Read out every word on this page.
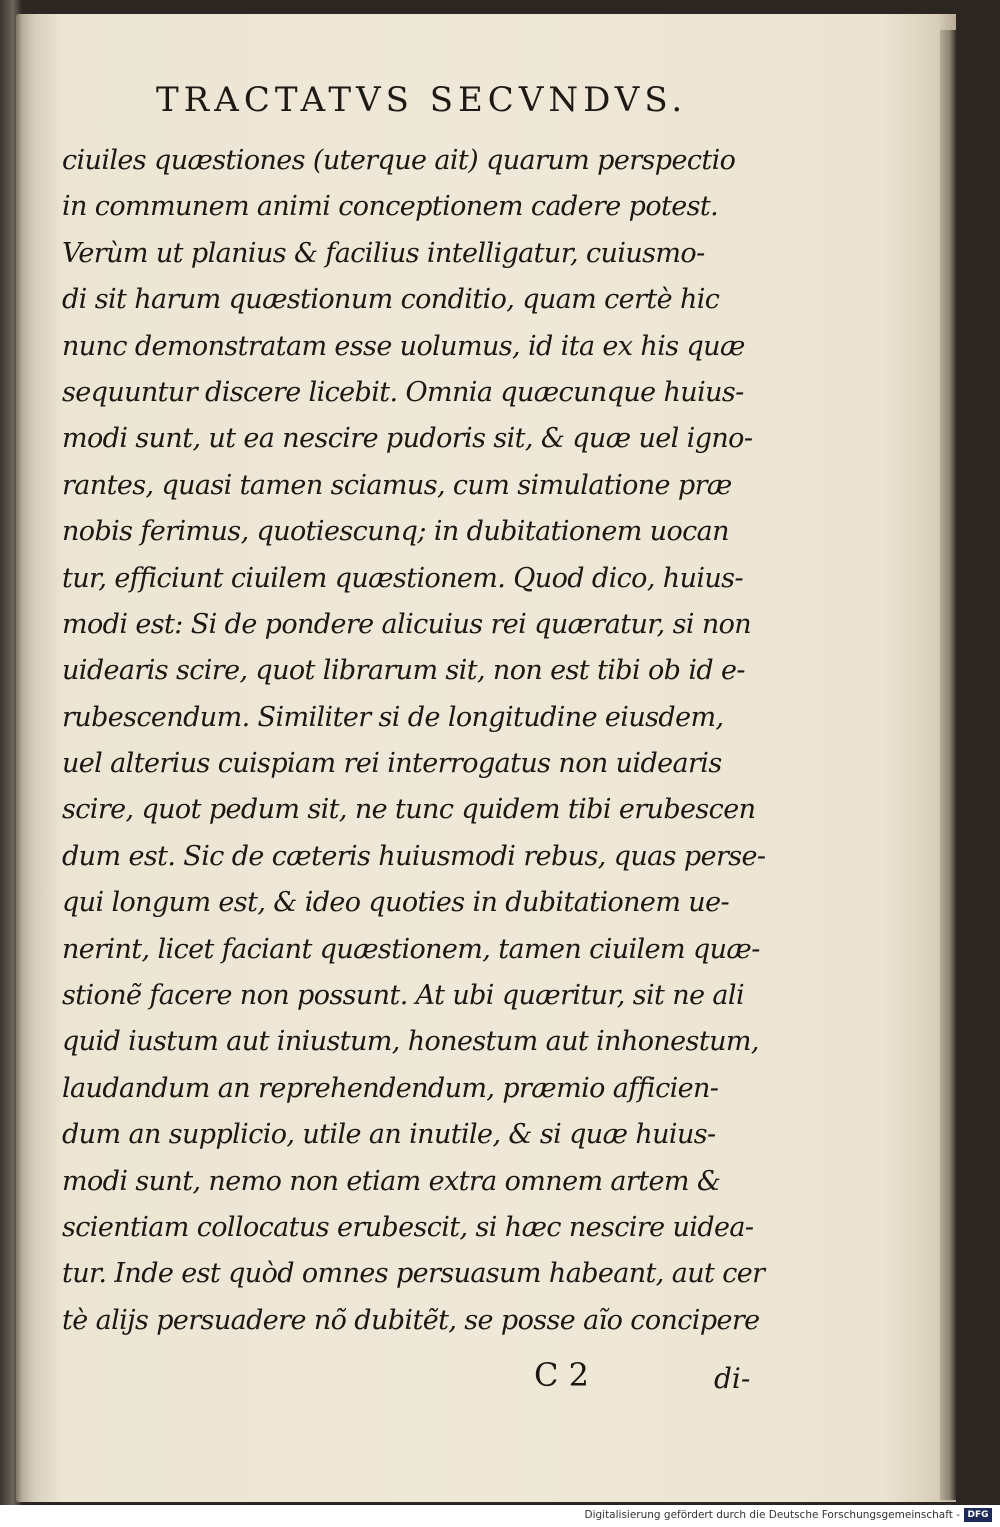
TRACTATVS SECVNDVS.
ciuiles quæstiones (uterque ait) quarum perspectio
in communem animi conceptionem cadere potest.
Verùm ut planius & facilius intelligatur, cuiusmo-
di sit harum quæstionum conditio, quam certè hic
nunc demonstratam esse uolumus, id ita ex his quæ
sequuntur discere licebit. Omnia quæcunque huius-
modi sunt, ut ea nescire pudoris sit, & quæ uel igno-
rantes, quasi tamen sciamus, cum simulatione præ
nobis ferimus, quotiescunq; in dubitationem uocan
tur, efficiunt ciuilem quæstionem. Quod dico, huius-
modi est: Si de pondere alicuius rei quæratur, si non
uidearis scire, quot librarum sit, non est tibi ob id e-
rubescendum. Similiter si de longitudine eiusdem,
uel alterius cuispiam rei interrogatus non uidearis
scire, quot pedum sit, ne tunc quidem tibi erubescen
dum est. Sic de cæteris huiusmodi rebus, quas perse-
qui longum est, & ideo quoties in dubitationem ue-
nerint, licet faciant quæstionem, tamen ciuilem quæ-
stionẽ facere non possunt. At ubi quæritur, sit ne ali
quid iustum aut iniustum, honestum aut inhonestum,
laudandum an reprehendendum, præmio afficien-
dum an supplicio, utile an inutile, & si quæ huius-
modi sunt, nemo non etiam extra omnem artem &
scientiam collocatus erubescit, si hæc nescire uidea-
tur. Inde est quòd omnes persuasum habeant, aut cer
tè alijs persuadere nõ dubitẽt, se posse aĩo concipere
C 2	di-
Digitalisierung gefördert durch die Deutsche Forschungsgemeinschaft - DFG
